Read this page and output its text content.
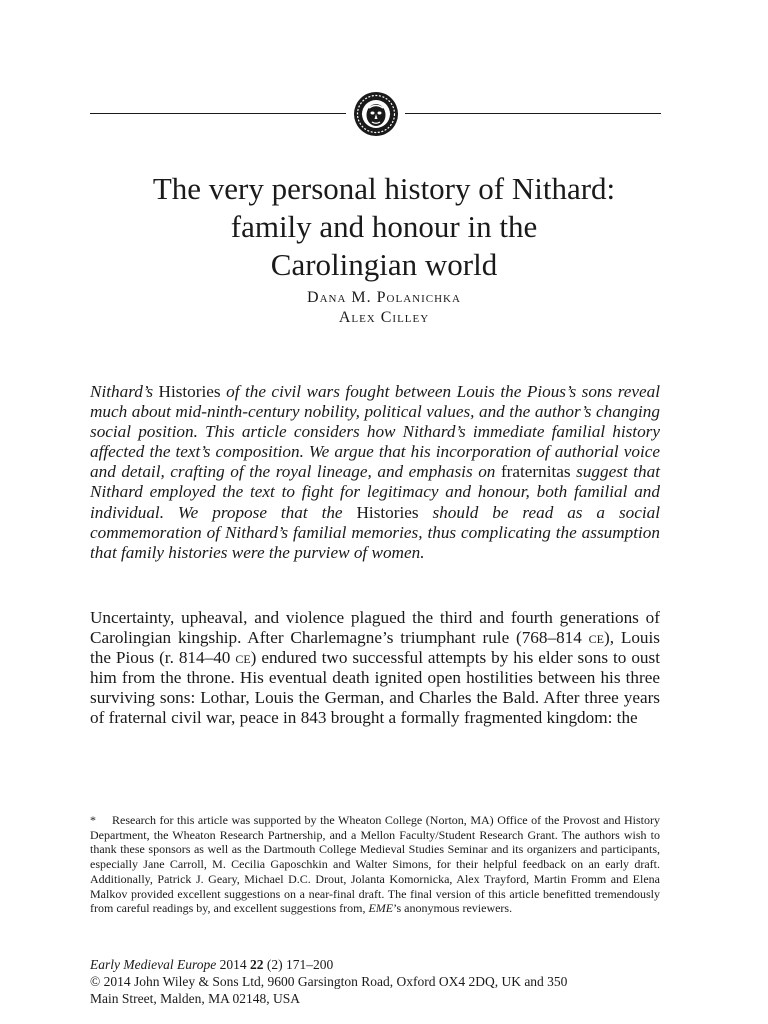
The very personal history of Nithard:
family and honour in the
Carolingian world
Dana M. Polanichka
Alex Cilley

Nithard’s Histories of the civil wars fought between Louis the Pious’s sons reveal much about mid-ninth-century nobility, political values, and the author’s changing social position. This article considers how Nithard’s immediate familial history affected the text’s composition. We argue that his incorporation of authorial voice and detail, crafting of the royal lineage, and emphasis on fraternitas suggest that Nithard employed the text to fight for legitimacy and honour, both familial and individual. We propose that the Histories should be read as a social commemoration of Nithard’s familial memories, thus complicating the assumption that family histories were the purview of women.

Uncertainty, upheaval, and violence plagued the third and fourth generations of Carolingian kingship. After Charlemagne’s triumphant rule (768–814 ce), Louis the Pious (r. 814–40 ce) endured two successful attempts by his elder sons to oust him from the throne. His eventual death ignited open hostilities between his three surviving sons: Lothar, Louis the German, and Charles the Bald. After three years of fraternal civil war, peace in 843 brought a formally fragmented kingdom: the

* Research for this article was supported by the Wheaton College (Norton, MA) Office of the Provost and History Department, the Wheaton Research Partnership, and a Mellon Faculty/Student Research Grant. The authors wish to thank these sponsors as well as the Dartmouth College Medieval Studies Seminar and its organizers and participants, especially Jane Carroll, M. Cecilia Gaposchkin and Walter Simons, for their helpful feedback on an early draft. Additionally, Patrick J. Geary, Michael D.C. Drout, Jolanta Komornicka, Alex Trayford, Martin Fromm and Elena Malkov provided excellent suggestions on a near-final draft. The final version of this article benefitted tremendously from careful readings by, and excellent suggestions from, EME’s anonymous reviewers.

Early Medieval Europe 2014 22 (2) 171–200
© 2014 John Wiley & Sons Ltd, 9600 Garsington Road, Oxford OX4 2DQ, UK and 350
Main Street, Malden, MA 02148, USA
